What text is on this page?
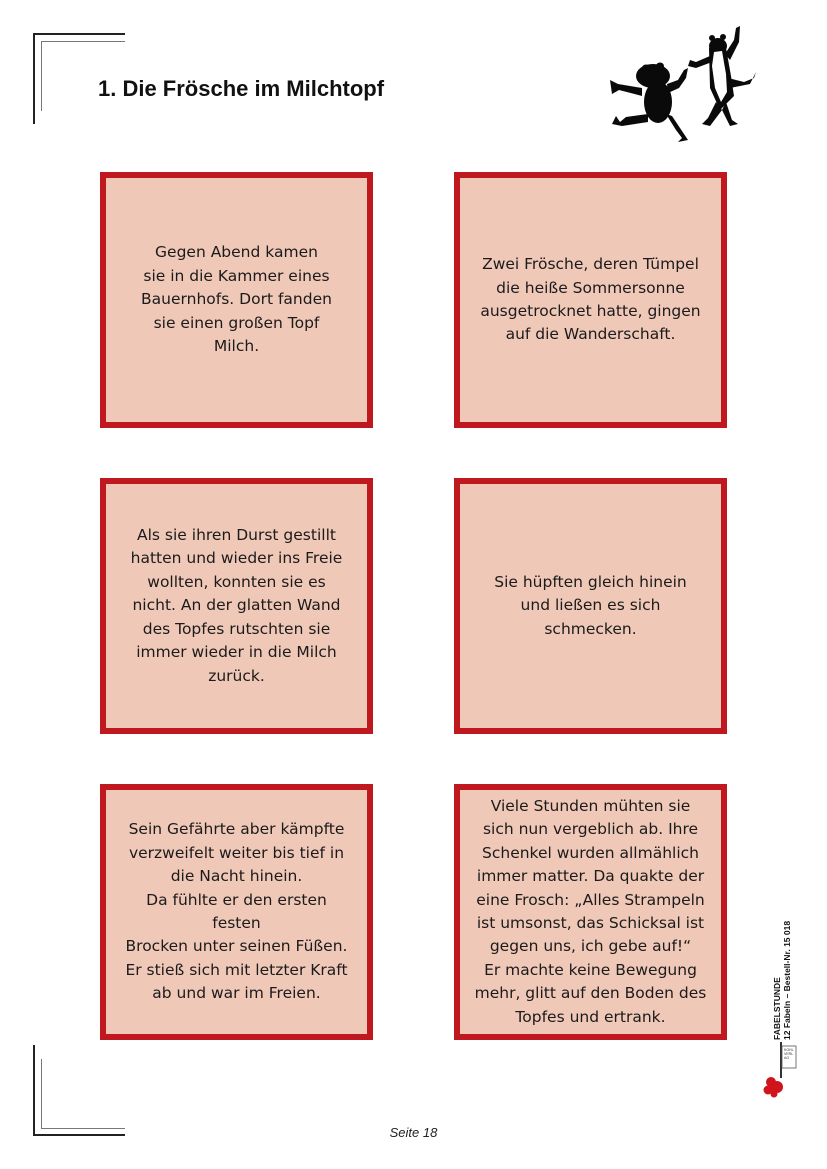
1. Die Frösche im Milchtopf

Gegen Abend kamen
sie in die Kammer eines
Bauernhofs. Dort fanden
sie einen großen Topf
Milch.

Zwei Frösche, deren Tümpel
die heiße Sommersonne
ausgetrocknet hatte, gingen
auf die Wanderschaft.

Als sie ihren Durst gestillt
hatten und wieder ins Freie
wollten, konnten sie es
nicht. An der glatten Wand
des Topfes rutschten sie
immer wieder in die Milch
zurück.

Sie hüpften gleich hinein
und ließen es sich
schmecken.

Sein Gefährte aber kämpfte
verzweifelt weiter bis tief in
die Nacht hinein.
Da fühlte er den ersten festen
Brocken unter seinen Füßen.
Er stieß sich mit letzter Kraft
ab und war im Freien.

Viele Stunden mühten sie
sich nun vergeblich ab. Ihre
Schenkel wurden allmählich
immer matter. Da quakte der
eine Frosch: „Alles Strampeln
ist umsonst, das Schicksal ist
gegen uns, ich gebe auf!“
Er machte keine Bewegung
mehr, glitt auf den Boden des
Topfes und ertrank.	FABELSTUNDE 12 Fabeln – Bestell-Nr. 15 018
KOHL VERLAG
Seite 18
